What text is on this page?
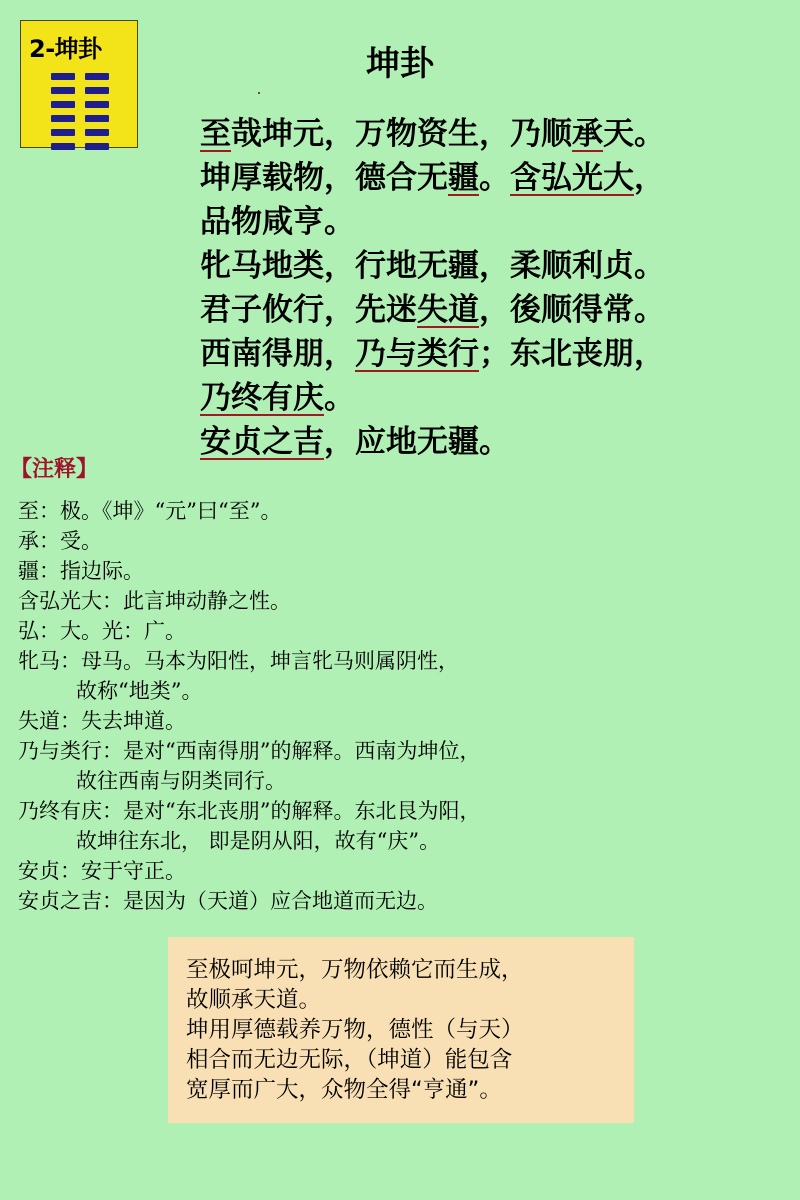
2-坤卦	坤卦
至哉坤元，万物资生，乃顺承天。
坤厚载物，德合无疆。含弘光大，
品物咸亨。
牝马地类，行地无疆，柔顺利贞。
君子攸行，先迷失道，後顺得常。
西南得朋，乃与类行；东北丧朋，
乃终有庆。
安贞之吉，应地无疆。
【注释】
至：极。《坤》“元”曰“至”。
承：受。
疆：指边际。
含弘光大：此言坤动静之性。
弘：大。光：广。
牝马：母马。马本为阳性，坤言牝马则属阴性，
故称“地类”。
失道：失去坤道。
乃与类行：是对“西南得朋”的解释。西南为坤位，
故往西南与阴类同行。
乃终有庆：是对“东北丧朋”的解释。东北艮为阳，
故坤往东北， 即是阴从阳，故有“庆”。
安贞：安于守正。
安贞之吉：是因为（天道）应合地道而无边。
至极呵坤元，万物依赖它而生成，
故顺承天道。
坤用厚德载养万物，德性（与天）
相合而无边无际，（坤道）能包含
宽厚而广大，众物全得“亨通”。
